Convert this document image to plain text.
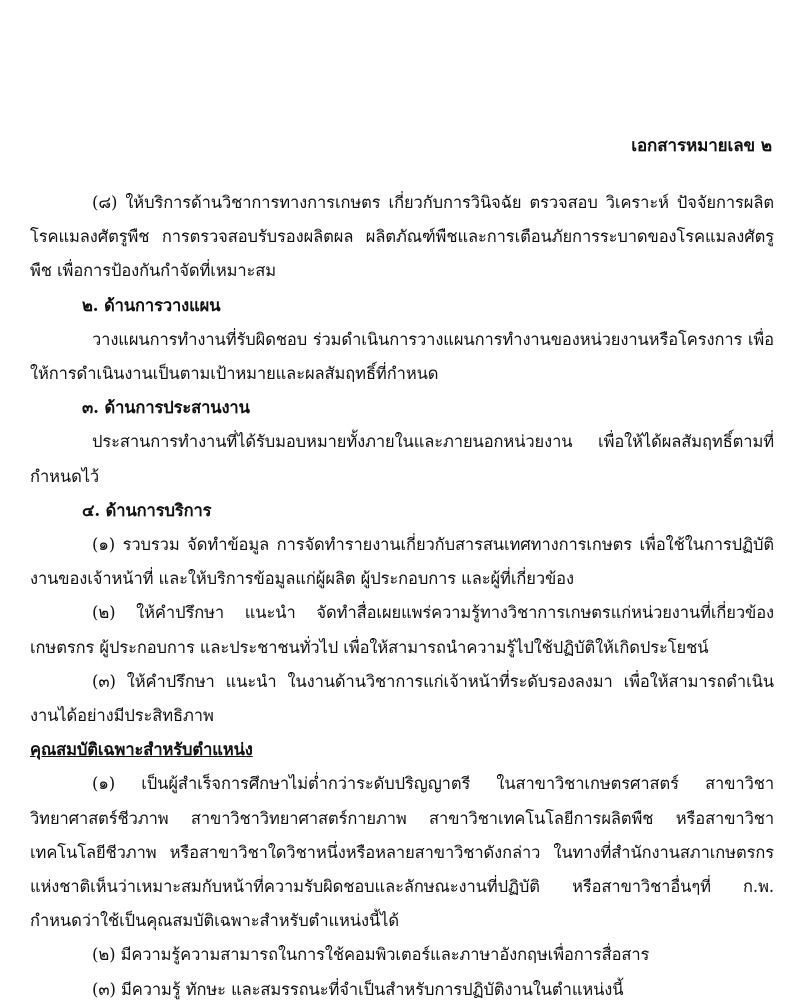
เอกสารหมายเลข ๒

(๘) ให้บริการด้านวิชาการทางการเกษตร เกี่ยวกับการวินิจฉัย ตรวจสอบ วิเคราะห์ ปัจจัยการผลิต โรคแมลงศัตรูพืช การตรวจสอบรับรองผลิตผล ผลิตภัณฑ์พืชและการเตือนภัยการระบาดของโรคแมลงศัตรูพืช เพื่อการป้องกันกำจัดที่เหมาะสม

๒. ด้านการวางแผน

วางแผนการทำงานที่รับผิดชอบ ร่วมดำเนินการวางแผนการทำงานของหน่วยงานหรือโครงการ เพื่อให้การดำเนินงานเป็นตามเป้าหมายและผลสัมฤทธิ์ที่กำหนด

๓. ด้านการประสานงาน

ประสานการทำงานที่ได้รับมอบหมายทั้งภายในและภายนอกหน่วยงาน เพื่อให้ได้ผลสัมฤทธิ์ตามที่กำหนดไว้

๔. ด้านการบริการ

(๑) รวบรวม จัดทำข้อมูล การจัดทำรายงานเกี่ยวกับสารสนเทศทางการเกษตร เพื่อใช้ในการปฏิบัติงานของเจ้าหน้าที่ และให้บริการข้อมูลแก่ผู้ผลิต ผู้ประกอบการ และผู้ที่เกี่ยวข้อง

(๒) ให้คำปรึกษา แนะนำ จัดทำสื่อเผยแพร่ความรู้ทางวิชาการเกษตรแก่หน่วยงานที่เกี่ยวข้อง เกษตรกร ผู้ประกอบการ และประชาชนทั่วไป เพื่อให้สามารถนำความรู้ไปใช้ปฏิบัติให้เกิดประโยชน์

(๓) ให้คำปรึกษา แนะนำ ในงานด้านวิชาการแก่เจ้าหน้าที่ระดับรองลงมา เพื่อให้สามารถดำเนินงานได้อย่างมีประสิทธิภาพ

คุณสมบัติเฉพาะสำหรับตำแหน่ง

(๑) เป็นผู้สำเร็จการศึกษาไม่ต่ำกว่าระดับปริญญาตรี ในสาขาวิชาเกษตรศาสตร์ สาขาวิชาวิทยาศาสตร์ชีวภาพ สาขาวิชาวิทยาศาสตร์กายภาพ สาขาวิชาเทคโนโลยีการผลิตพืช หรือสาขาวิชาเทคโนโลยีชีวภาพ หรือสาขาวิชาใดวิชาหนึ่งหรือหลายสาขาวิชาดังกล่าว ในทางที่สำนักงานสภาเกษตรกรแห่งชาติเห็นว่าเหมาะสมกับหน้าที่ความรับผิดชอบและลักษณะงานที่ปฏิบัติ หรือสาขาวิชาอื่นๆที่ ก.พ. กำหนดว่าใช้เป็นคุณสมบัติเฉพาะสำหรับตำแหน่งนี้ได้

(๒) มีความรู้ความสามารถในการใช้คอมพิวเตอร์และภาษาอังกฤษเพื่อการสื่อสาร

(๓) มีความรู้ ทักษะ และสมรรถนะที่จำเป็นสำหรับการปฏิบัติงานในตำแหน่งนี้
